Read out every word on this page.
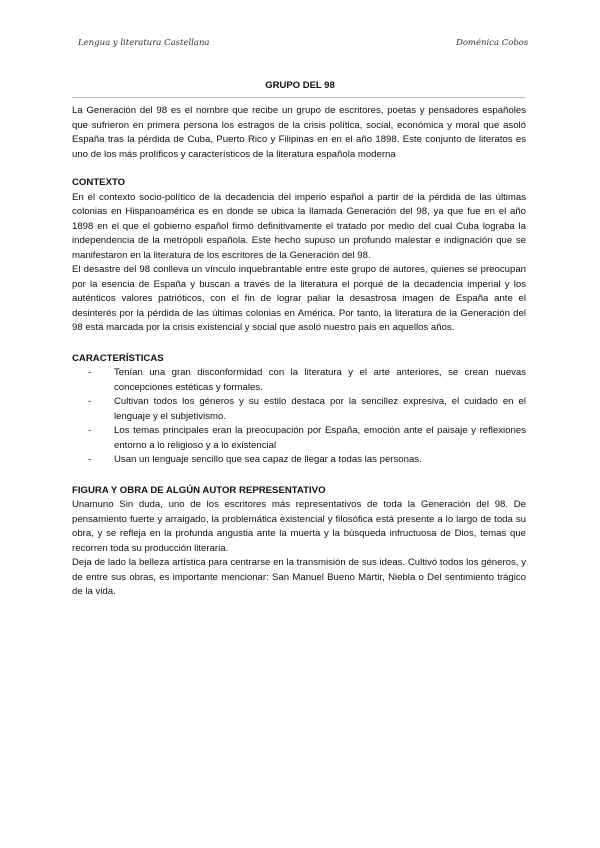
Lengua y literatura Castellana	Doménica Cobos
GRUPO DEL 98

La Generación del 98 es el nombre que recibe un grupo de escritores, poetas y pensadores españoles que sufrieron en primera persona los estragos de la crisis política, social, económica y moral que asoló España tras la pérdida de Cuba, Puerto Rico y Filipinas en en el año 1898. Este conjunto de literatos es uno de los más prolíficos y característicos de la literatura española moderna

CONTEXTO

En el contexto socio-político de la decadencia del imperio español a partir de la pérdida de las últimas colonias en Hispanoamérica es en donde se ubica la llamada Generación del 98, ya que fue en el año 1898 en el que el gobierno español firmó definitivamente el tratado por medio del cual Cuba lograba la independencia de la metrópoli española. Este hecho supuso un profundo malestar e indignación que se manifestaron en la literatura de los escritores de la Generación del 98.

El desastre del 98 conlleva un vínculo inquebrantable entre este grupo de autores, quienes se preocupan por la esencia de España y buscan a través de la literatura el porqué de la decadencia imperial y los auténticos valores patrióticos, con el fin de lograr paliar la desastrosa imagen de España ante el desinterés por la pérdida de las últimas colonias en América. Por tanto, la literatura de la Generación del 98 está marcada por la crisis existencial y social que asoló nuestro país en aquellos años.

CARACTERÍSTICAS

- Tenían una gran disconformidad con la literatura y el arte anteriores, se crean nuevas concepciones estéticas y formales.
- Cultivan todos los géneros y su estilo destaca por la sencillez expresiva, el cuidado en el lenguaje y el subjetivismo.
- Los temas principales eran la preocupación por España, emoción ante el paisaje y reflexiones entorno a lo religioso y a lo existencial
- Usan un lenguaje sencillo que sea capaz de llegar a todas las personas.

FIGURA Y OBRA DE ALGÚN AUTOR REPRESENTATIVO

Unamuno Sin duda, uno de los escritores más representativos de toda la Generación del 98. De pensamiento fuerte y arraigado, la problemática existencial y filosófica está presente a lo largo de toda su obra, y se refleja en la profunda angustia ante la muerta y la búsqueda infructuosa de Dios, temas que recorren toda su producción literaria.

Deja de lado la belleza artística para centrarse en la transmisión de sus ideas. Cultivó todos los géneros, y de entre sus obras, es importante mencionar: San Manuel Bueno Mártir, Niebla o Del sentimiento trágico de la vida.
